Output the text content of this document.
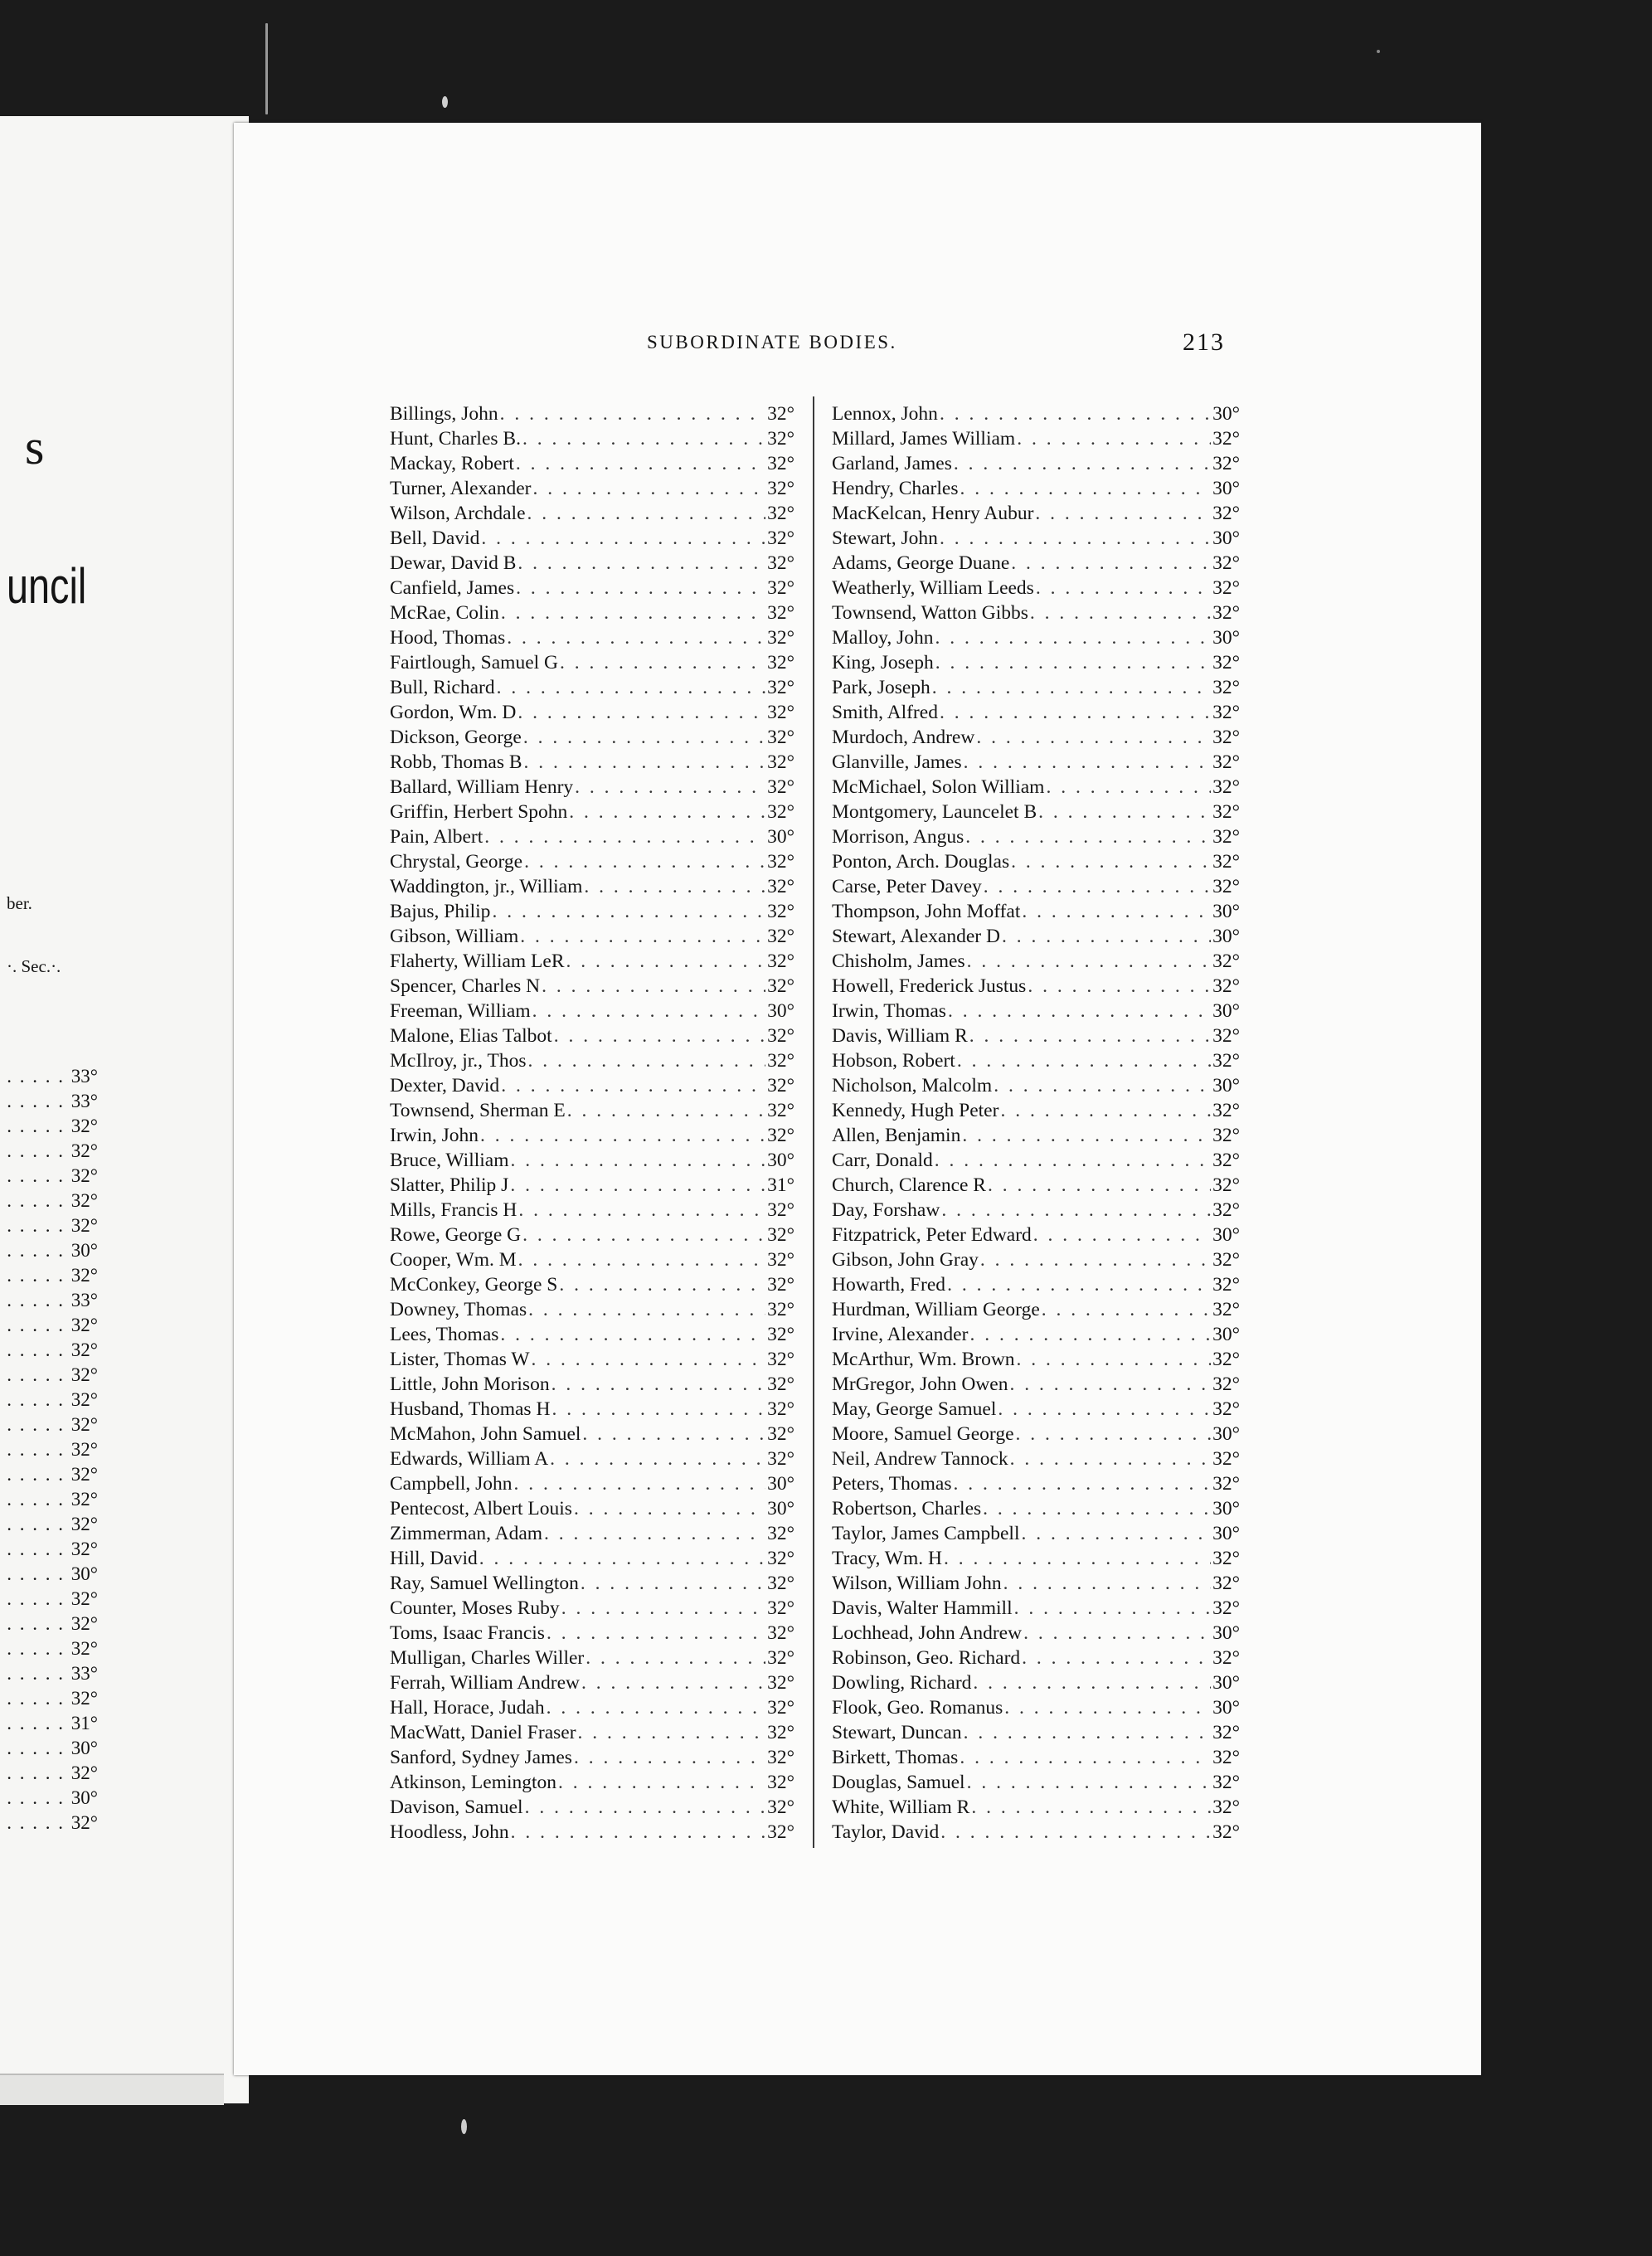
s
uncil
ber.
·. Sec.·.
. . . . . 33°
. . . . . 33°
. . . . . 32°
. . . . . 32°
. . . . . 32°
. . . . . 32°
. . . . . 32°
. . . . . 30°
. . . . . 32°
. . . . . 33°
. . . . . 32°
. . . . . 32°
. . . . . 32°
. . . . . 32°
. . . . . 32°
. . . . . 32°
. . . . . 32°
. . . . . 32°
. . . . . 32°
. . . . . 32°
. . . . . 30°
. . . . . 32°
. . . . . 32°
. . . . . 32°
. . . . . 33°
. . . . . 32°
. . . . . 31°
. . . . . 30°
. . . . . 32°
. . . . . 30°
. . . . . 32°
SUBORDINATE BODIES.	213
Billings, John . . .	32°
Hunt, Charles B. . . .	32°
Mackay, Robert . . .	32°
Turner, Alexander . . .	32°
Wilson, Archdale . . .	32°
Bell, David . . .	32°
Dewar, David B . . .	32°
Canfield, James . . .	32°
McRae, Colin . . .	32°
Hood, Thomas . . .	32°
Fairtlough, Samuel G . . .	32°
Bull, Richard . . .	32°
Gordon, Wm. D . . .	32°
Dickson, George . . .	32°
Robb, Thomas B . . .	32°
Ballard, William Henry . . .	32°
Griffin, Herbert Spohn . . .	32°
Pain, Albert . . .	30°
Chrystal, George . . .	32°
Waddington, jr., William . . .	32°
Bajus, Philip . . .	32°
Gibson, William . . .	32°
Flaherty, William LeR . . .	32°
Spencer, Charles N . . .	32°
Freeman, William . . .	30°
Malone, Elias Talbot . . .	32°
McIlroy, jr., Thos . . .	32°
Dexter, David . . .	32°
Townsend, Sherman E . . .	32°
Irwin, John . . .	32°
Bruce, William . . .	30°
Slatter, Philip J . . .	31°
Mills, Francis H . . .	32°
Rowe, George G . . .	32°
Cooper, Wm. M . . .	32°
McConkey, George S . . .	32°
Downey, Thomas . . .	32°
Lees, Thomas . . .	32°
Lister, Thomas W . . .	32°
Little, John Morison . . .	32°
Husband, Thomas H . . .	32°
McMahon, John Samuel . . .	32°
Edwards, William A . . .	32°
Campbell, John . . .	30°
Pentecost, Albert Louis . . .	30°
Zimmerman, Adam . . .	32°
Hill, David . . .	32°
Ray, Samuel Wellington . . .	32°
Counter, Moses Ruby . . .	32°
Toms, Isaac Francis . . .	32°
Mulligan, Charles Willer . . .	32°
Ferrah, William Andrew . . .	32°
Hall, Horace, Judah . . .	32°
MacWatt, Daniel Fraser . . .	32°
Sanford, Sydney James . . .	32°
Atkinson, Lemington . . .	32°
Davison, Samuel . . .	32°
Hoodless, John . . .	32°
Lennox, John . . .	30°
Millard, James William . . .	32°
Garland, James . . .	32°
Hendry, Charles . . .	30°
MacKelcan, Henry Aubur . . .	32°
Stewart, John . . .	30°
Adams, George Duane . . .	32°
Weatherly, William Leeds . . .	32°
Townsend, Watton Gibbs . . .	32°
Malloy, John . . .	30°
King, Joseph . . .	32°
Park, Joseph . . .	32°
Smith, Alfred . . .	32°
Murdoch, Andrew . . .	32°
Glanville, James . . .	32°
McMichael, Solon William . . .	32°
Montgomery, Launcelet B . . .	32°
Morrison, Angus . . .	32°
Ponton, Arch. Douglas . . .	32°
Carse, Peter Davey . . .	32°
Thompson, John Moffat . . .	30°
Stewart, Alexander D . . .	30°
Chisholm, James . . .	32°
Howell, Frederick Justus . . .	32°
Irwin, Thomas . . .	30°
Davis, William R . . .	32°
Hobson, Robert . . .	32°
Nicholson, Malcolm . . .	30°
Kennedy, Hugh Peter . . .	32°
Allen, Benjamin . . .	32°
Carr, Donald . . .	32°
Church, Clarence R . . .	32°
Day, Forshaw . . .	32°
Fitzpatrick, Peter Edward . . .	30°
Gibson, John Gray . . .	32°
Howarth, Fred . . .	32°
Hurdman, William George . . .	32°
Irvine, Alexander . . .	30°
McArthur, Wm. Brown . . .	32°
MrGregor, John Owen . . .	32°
May, George Samuel . . .	32°
Moore, Samuel George . . .	30°
Neil, Andrew Tannock . . .	32°
Peters, Thomas . . .	32°
Robertson, Charles . . .	30°
Taylor, James Campbell . . .	30°
Tracy, Wm. H . . .	32°
Wilson, William John . . .	32°
Davis, Walter Hammill . . .	32°
Lochhead, John Andrew . . .	30°
Robinson, Geo. Richard . . .	32°
Dowling, Richard . . .	30°
Flook, Geo. Romanus . . .	30°
Stewart, Duncan . . .	32°
Birkett, Thomas . . .	32°
Douglas, Samuel . . .	32°
White, William R . . .	32°
Taylor, David . . .	32°
